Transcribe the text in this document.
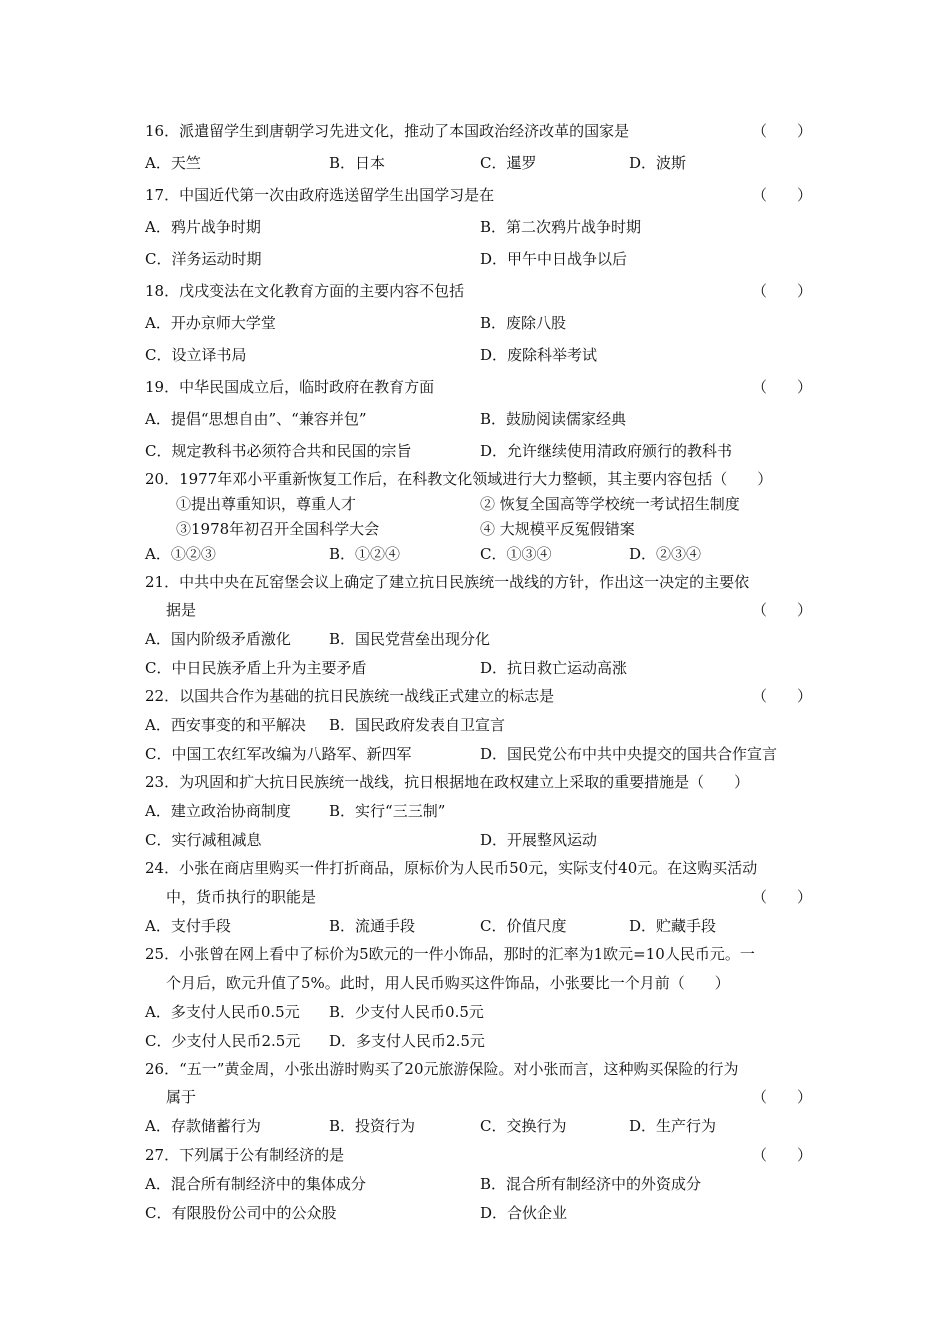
16．派遣留学生到唐朝学习先进文化，推动了本国政治经济改革的国家是	（　　）
A．天竺	B．日本	C．暹罗	D．波斯
17．中国近代第一次由政府选送留学生出国学习是在	（　　）
A．鸦片战争时期	B．第二次鸦片战争时期
C．洋务运动时期	D．甲午中日战争以后
18．戊戌变法在文化教育方面的主要内容不包括	（　　）
A．开办京师大学堂	B．废除八股
C．设立译书局	D．废除科举考试
19．中华民国成立后，临时政府在教育方面	（　　）
A．提倡“思想自由”、“兼容并包”	B．鼓励阅读儒家经典
C．规定教科书必须符合共和民国的宗旨	D．允许继续使用清政府颁行的教科书
20．1977年邓小平重新恢复工作后，在科教文化领域进行大力整顿，其主要内容包括（　　）
①提出尊重知识，尊重人才	② 恢复全国高等学校统一考试招生制度
③1978年初召开全国科学大会	④ 大规模平反冤假错案
A．①②③	B．①②④	C．①③④	D．②③④
21．中共中央在瓦窑堡会议上确定了建立抗日民族统一战线的方针，作出这一决定的主要依
据是	（　　）
A．国内阶级矛盾激化	B．国民党营垒出现分化
C．中日民族矛盾上升为主要矛盾	D．抗日救亡运动高涨
22．以国共合作为基础的抗日民族统一战线正式建立的标志是	（　　）
A．西安事变的和平解决 B．国民政府发表自卫宣言
C．中国工农红军改编为八路军、新四军	D．国民党公布中共中央提交的国共合作宣言
23．为巩固和扩大抗日民族统一战线，抗日根据地在政权建立上采取的重要措施是（　　）
A．建立政治协商制度	B．实行“三三制”
C．实行减租减息	D．开展整风运动
24．小张在商店里购买一件打折商品，原标价为人民币50元，实际支付40元。在这购买活动
中，货币执行的职能是	（　　）
A．支付手段	B．流通手段	C．价值尺度	D．贮藏手段
25．小张曾在网上看中了标价为5欧元的一件小饰品，那时的汇率为1欧元=10人民币元。一
个月后，欧元升值了5%。此时，用人民币购买这件饰品，小张要比一个月前（　　）
A．多支付人民币0.5元 B．少支付人民币0.5元
C．少支付人民币2.5元 D．多支付人民币2.5元
26．“五一”黄金周，小张出游时购买了20元旅游保险。对小张而言，这种购买保险的行为
属于	（　　）
A．存款储蓄行为	B．投资行为	C．交换行为	D．生产行为
27．下列属于公有制经济的是	（　　）
A．混合所有制经济中的集体成分	B．混合所有制经济中的外资成分
C．有限股份公司中的公众股	D．合伙企业
